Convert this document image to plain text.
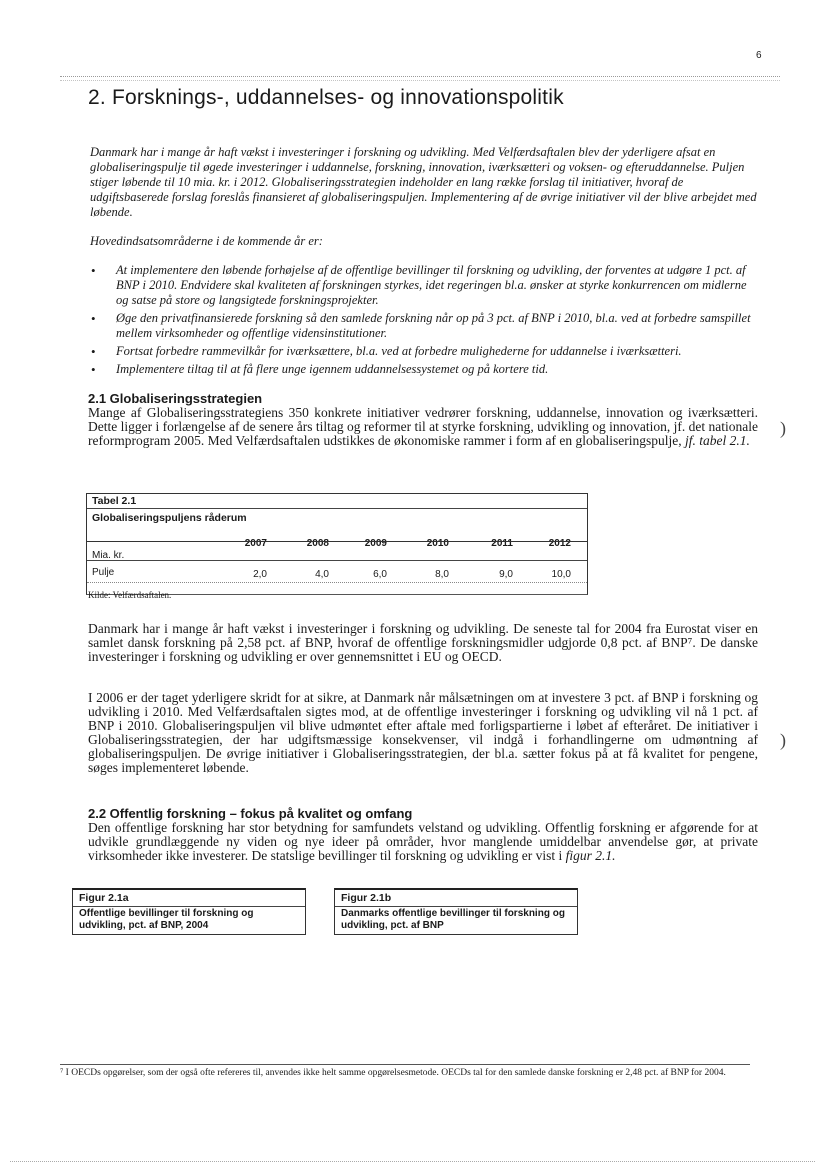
6
2. Forsknings-, uddannelses- og innovationspolitik

Danmark har i mange år haft vækst i investeringer i forskning og udvikling. Med Velfærdsaftalen blev der yderligere afsat en globaliseringspulje til øgede investeringer i uddannelse, forskning, innovation, iværksætteri og voksen- og efteruddannelse. Puljen stiger løbende til 10 mia. kr. i 2012. Globaliseringsstrategien indeholder en lang række forslag til initiativer, hvoraf de udgiftsbaserede forslag foreslås finansieret af globaliseringspuljen. Implementering af de øvrige initiativer vil der blive arbejdet med løbende.

Hovedindsatsområderne i de kommende år er:

• At implementere den løbende forhøjelse af de offentlige bevillinger til forskning og udvikling, der forventes at udgøre 1 pct. af BNP i 2010. Endvidere skal kvaliteten af forskningen styrkes, idet regeringen bl.a. ønsker at styrke konkurrencen om midlerne og satse på store og langsigtede forskningsprojekter.
• Øge den privatfinansierede forskning så den samlede forskning når op på 3 pct. af BNP i 2010, bl.a. ved at forbedre samspillet mellem virksomheder og offentlige vidensinstitutioner.
• Fortsat forbedre rammevilkår for iværksættere, bl.a. ved at forbedre mulighederne for uddannelse i iværksætteri.
• Implementere tiltag til at få flere unge igennem uddannelsessystemet og på kortere tid.

2.1 Globaliseringsstrategien

Mange af Globaliseringsstrategiens 350 konkrete initiativer vedrører forskning, uddannelse, innovation og iværksætteri. Dette ligger i forlængelse af de senere års tiltag og reformer til at styrke forskning, udvikling og innovation, jf. det nationale reformprogram 2005. Med Velfærdsaftalen udstikkes de økonomiske rammer i form af en globaliseringspulje, jf. tabel 2.1.

Tabel 2.1
Globaliseringspuljens råderum
2007	2008	2009	2010	2011	2012
Mia. kr.
Pulje	2,0	4,0	6,0	8,0	9,0	10,0
Kilde: Velfærdsaftalen.

Danmark har i mange år haft vækst i investeringer i forskning og udvikling. De seneste tal for 2004 fra Eurostat viser en samlet dansk forskning på 2,58 pct. af BNP, hvoraf de offentlige forskningsmidler udgjorde 0,8 pct. af BNP⁷. De danske investeringer i forskning og udvikling er over gennemsnittet i EU og OECD.

I 2006 er der taget yderligere skridt for at sikre, at Danmark når målsætningen om at investere 3 pct. af BNP i forskning og udvikling i 2010. Med Velfærdsaftalen sigtes mod, at de offentlige investeringer i forskning og udvikling vil nå 1 pct. af BNP i 2010. Globaliseringspuljen vil blive udmøntet efter aftale med forligspartierne i løbet af efteråret. De initiativer i Globaliseringsstrategien, der har udgiftsmæssige konsekvenser, vil indgå i forhandlingerne om udmøntning af globaliseringspuljen. De øvrige initiativer i Globaliseringsstrategien, der bl.a. sætter fokus på at få kvalitet for pengene, søges implementeret løbende.

)
)

2.2 Offentlig forskning – fokus på kvalitet og omfang

Den offentlige forskning har stor betydning for samfundets velstand og udvikling. Offentlig forskning er afgørende for at udvikle grundlæggende ny viden og nye ideer på områder, hvor manglende umiddelbar anvendelse gør, at private virksomheder ikke investerer. De statslige bevillinger til forskning og udvikling er vist i figur 2.1.

Figur 2.1a
Offentlige bevillinger til forskning og udvikling, pct. af BNP, 2004
Figur 2.1b
Danmarks offentlige bevillinger til forskning og udvikling, pct. af BNP
⁷ I OECDs opgørelser, som der også ofte refereres til, anvendes ikke helt samme opgørelsesmetode. OECDs tal for den samlede danske forskning er 2,48 pct. af BNP for 2004.
